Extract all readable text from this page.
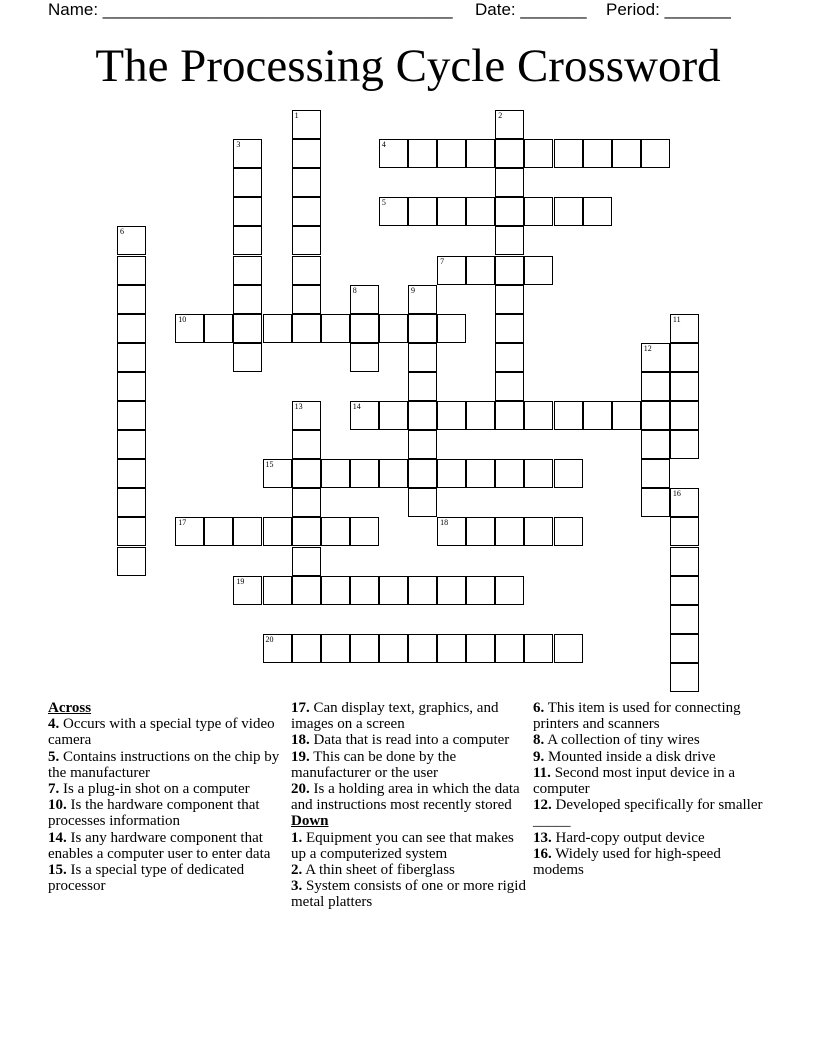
Name: _____________________________________

Date: _______

Period: _______

The Processing Cycle Crossword
1	2
3	4
5
6
7
8	9
10	11
12
13	14
15
16
17	18
19
20
Across

4. Occurs with a special type of video camera

5. Contains instructions on the chip by the manufacturer

7. Is a plug-in shot on a computer

10. Is the hardware component that processes information

14. Is any hardware component that enables a computer user to enter data

15. Is a special type of dedicated processor

17. Can display text, graphics, and images on a screen

18. Data that is read into a computer

19. This can be done by the manufacturer or the user

20. Is a holding area in which the data and instructions most recently stored

Down

1. Equipment you can see that makes up a computerized system

2. A thin sheet of fiberglass

3. System consists of one or more rigid metal platters

6. This item is used for connecting printers and scanners

8. A collection of tiny wires

9. Mounted inside a disk drive

11. Second most input device in a computer

12. Developed specifically for smaller _____

13. Hard-copy output device

16. Widely used for high-speed modems
